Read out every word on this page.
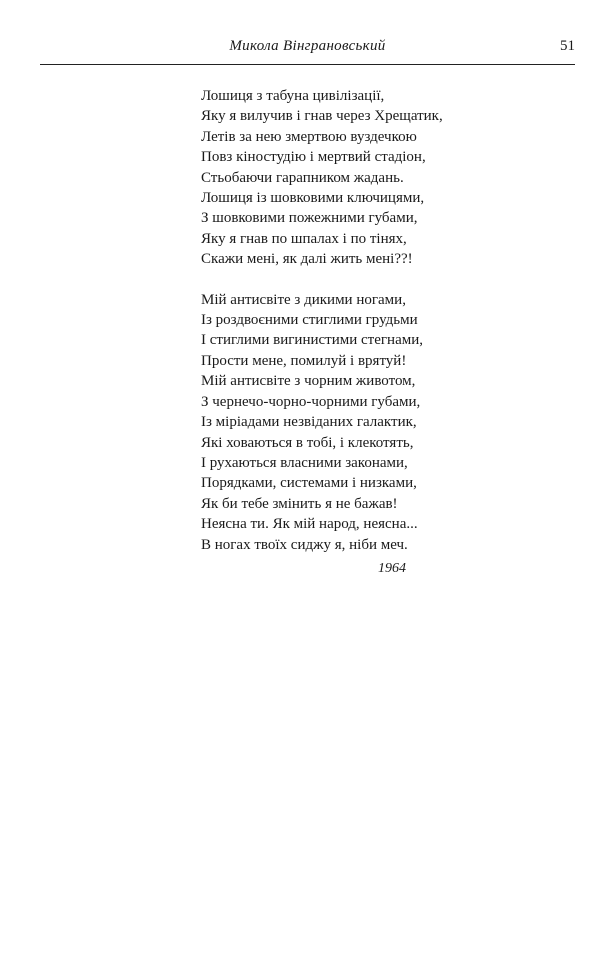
Микола Вінграновський	51
Лошиця з табуна цивілізації,
Яку я вилучив і гнав через Хрещатик,
Летів за нею змертвою вуздечкою
Повз кіностудію і мертвий стадіон,
Стьобаючи гарапником жадань.
Лошиця із шовковими ключицями,
З шовковими пожежними губами,
Яку я гнав по шпалах і по тінях,
Скажи мені, як далі жить мені??!
Мій антисвіте з дикими ногами,
Із роздвоєними стиглими грудьми
І стиглими вигинистими стегнами,
Прости мене, помилуй і врятуй!
Мій антисвіте з чорним животом,
З чернечо-чорно-чорними губами,
Із міріадами незвіданих галактик,
Які ховаються в тобі, і клекотять,
І рухаються власними законами,
Порядками, системами і низками,
Як би тебе змінить я не бажав!
Неясна ти. Як мій народ, неясна...
В ногах твоїх сиджу я, ніби меч.
1964
